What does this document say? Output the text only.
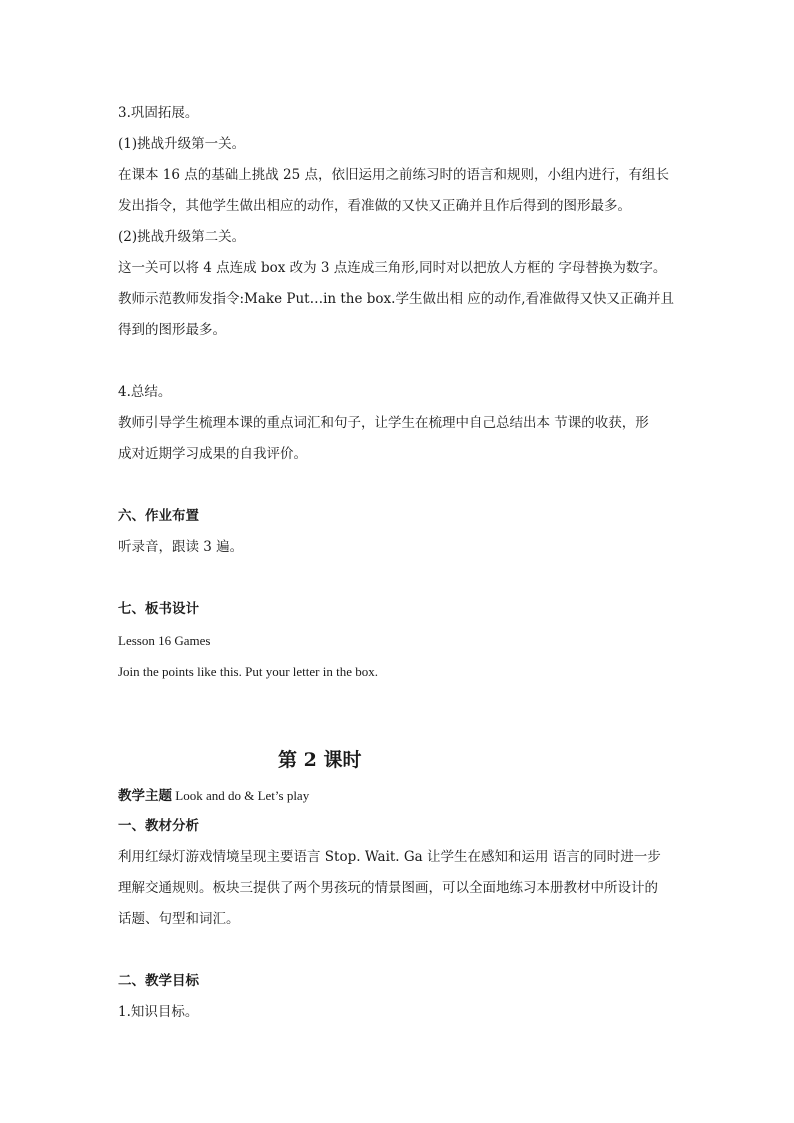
3.巩固拓展。
(1)挑战升级第一关。
在课本 16 点的基础上挑战 25 点，依旧运用之前练习时的语言和规则，小组内进行，有组长
发出指令，其他学生做出相应的动作，看准做的又快又正确并且作后得到的图形最多。
(2)挑战升级第二关。
这一关可以将 4 点连成 box 改为 3 点连成三角形,同时对以把放人方框的 字母替换为数字。
教师示范教师发指令:Make Put…in the box.学生做出相 应的动作,看准做得又快又正确并且
得到的图形最多。
4.总结。
教师引导学生梳理本课的重点词汇和句子，让学生在梳理中自己总结出本 节课的收获，形
成对近期学习成果的自我评价。
六、作业布置
听录音，跟读 3 遍。
七、板书设计
Lesson 16 Games
Join the points like this. Put your letter in the box.
第 2 课时
教学主题 Look and do & Let’s play
一、教材分析
利用红绿灯游戏情境呈现主要语言 Stop. Wait. Ga 让学生在感知和运用 语言的同时进一步
理解交通规则。板块三提供了两个男孩玩的情景图画，可以全面地练习本册教材中所设计的
话题、句型和词汇。
二、教学目标
1.知识目标。
